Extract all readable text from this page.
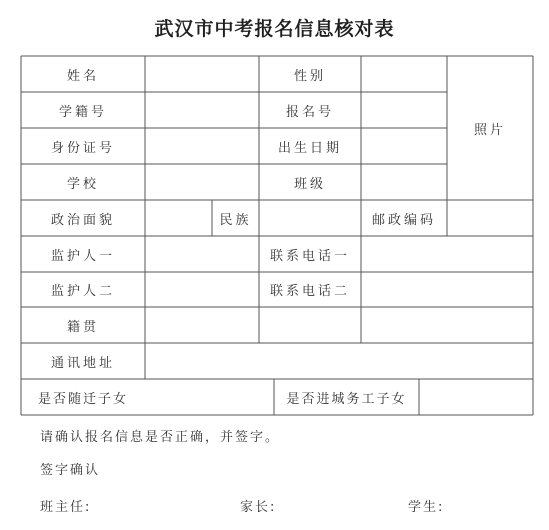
武汉市中考报名信息核对表
姓名	性别
学籍号	报名号
身份证号	出生日期
学校	班级
照片
政治面貌	民族	邮政编码
监护人一	联系电话一
监护人二	联系电话二
籍贯
通讯地址
是否随迁子女	是否进城务工子女
请确认报名信息是否正确，并签字。
签字确认
班主任:	家长:	学生:
